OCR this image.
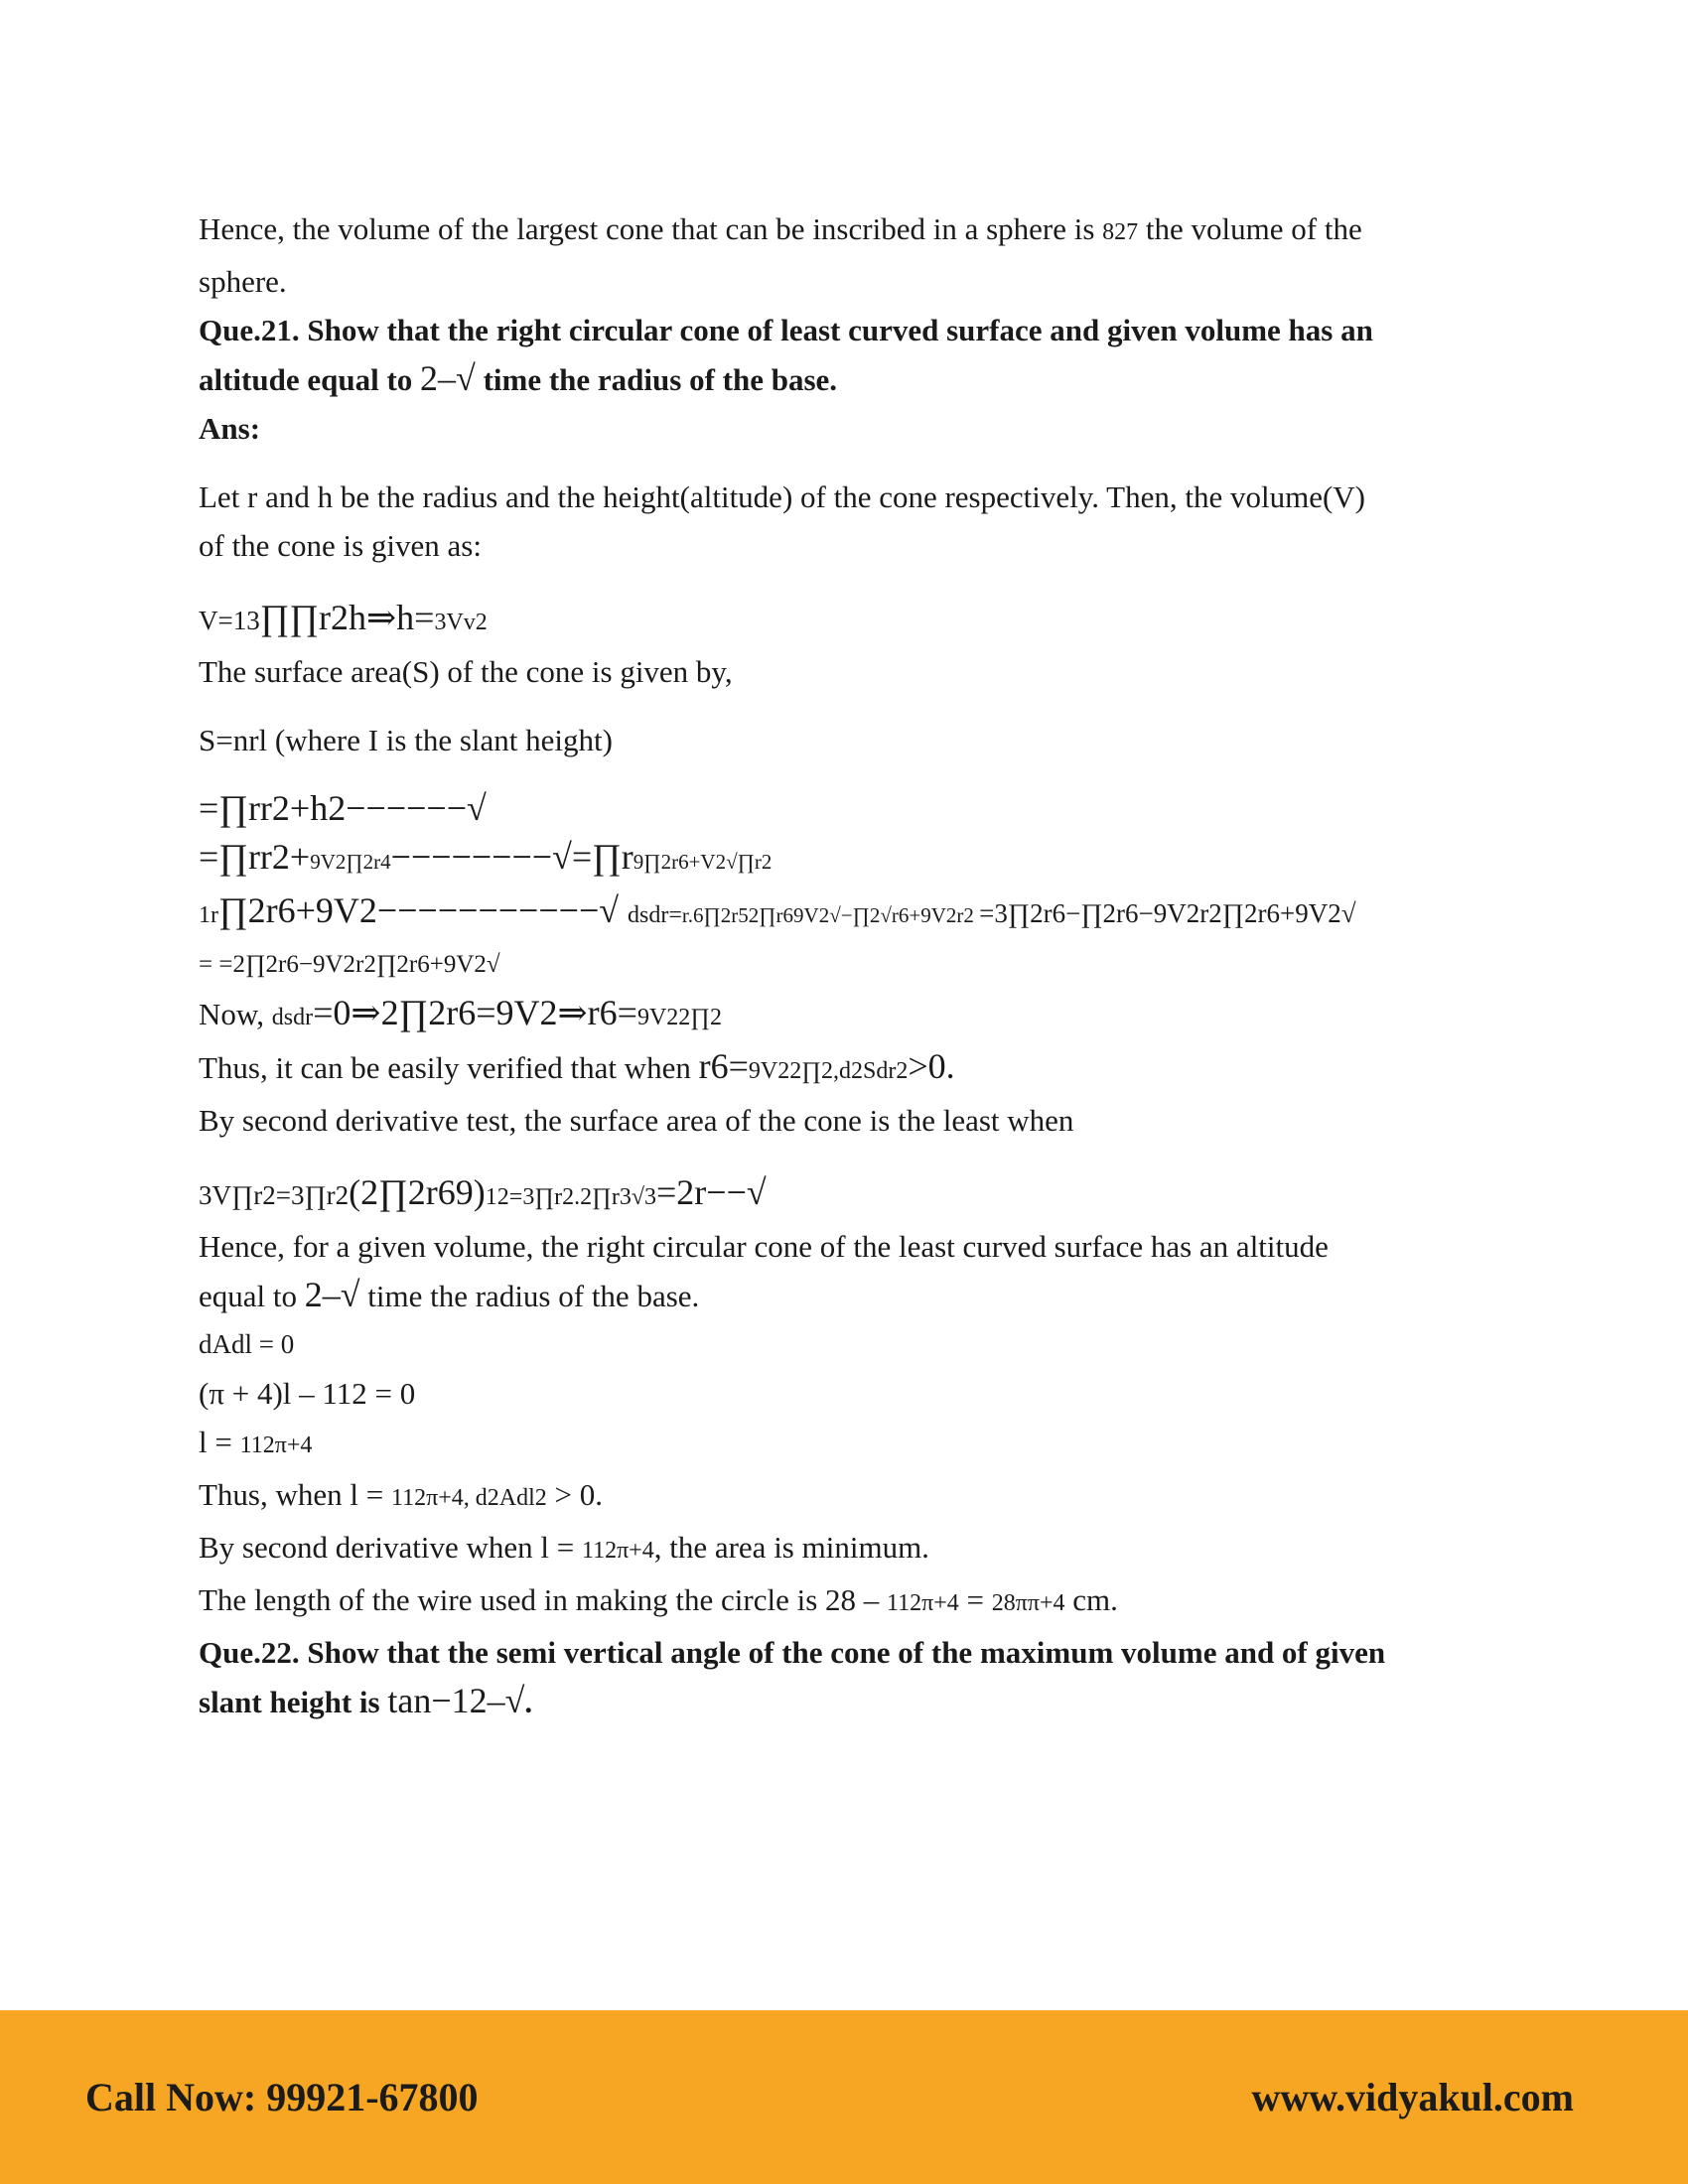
Hence, the volume of the largest cone that can be inscribed in a sphere is 827 the volume of the
sphere.
Que.21. Show that the right circular cone of least curved surface and given volume has an
altitude equal to 2–√ time the radius of the base.
Ans:
Let r and h be the radius and the height(altitude) of the cone respectively. Then, the volume(V)
of the cone is given as:
V=13∏∏r2h⇒h=3Vv2
The surface area(S) of the cone is given by,
S=nrl (where I is the slant height)
=∏rr2+h2−−−−−−√
=∏rr2+9V2∏2r4−−−−−−−−√=∏r9∏2r6+V2√∏r2
1r∏2r6+9V2−−−−−−−−−−−√ dsdr=r.6∏2r52∏r69V2√−∏2√r6+9V2r2 =3∏2r6−∏2r6−9V2r2∏2r6+9V2√
= =2∏2r6−9V2r2∏2r6+9V2√
Now, dsdr=0⇒2∏2r6=9V2⇒r6=9V22∏2
Thus, it can be easily verified that when r6=9V22∏2,d2Sdr2>0.
By second derivative test, the surface area of the cone is the least when
3V∏r2=3∏r2(2∏2r69)12=3∏r2.2∏r3√3=2r−−√
Hence, for a given volume, the right circular cone of the least curved surface has an altitude
equal to 2–√ time the radius of the base.
dAdl = 0
(π + 4)l – 112 = 0
l = 112π+4
Thus, when l = 112π+4, d2Adl2 > 0.
By second derivative when l = 112π+4, the area is minimum.
The length of the wire used in making the circle is 28 – 112π+4 = 28ππ+4 cm.
Que.22. Show that the semi vertical angle of the cone of the maximum volume and of given
slant height is tan−12–√.
Call Now: 99921-67800	www.vidyakul.com
